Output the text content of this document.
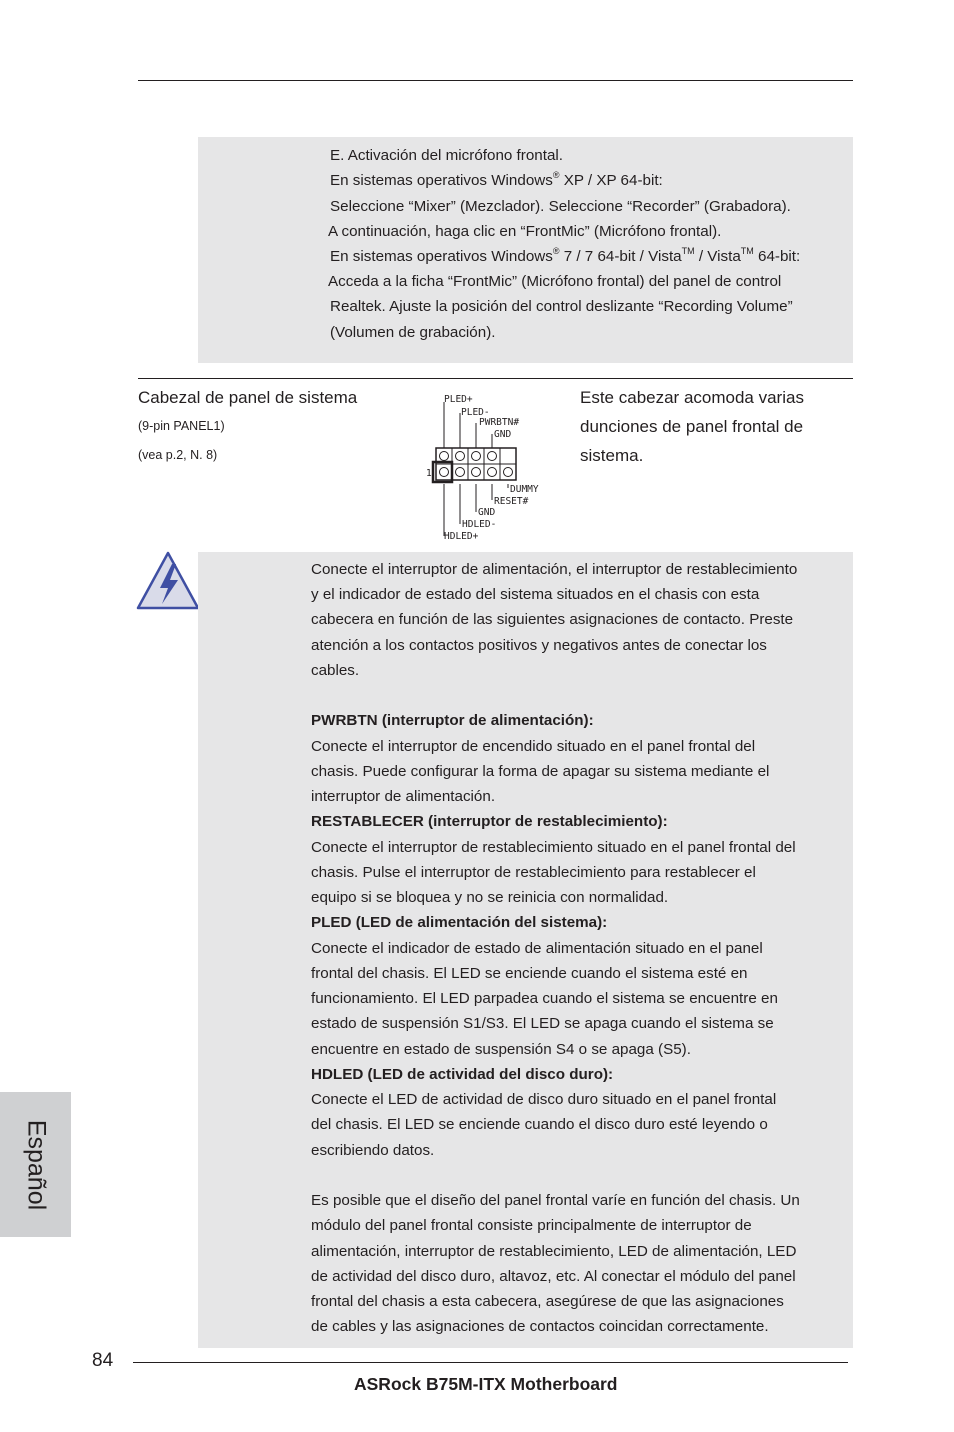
E. Activación del micrófono frontal.
En sistemas operativos Windows® XP / XP 64-bit:
Seleccione “Mixer” (Mezclador). Seleccione “Recorder” (Grabadora).
A continuación, haga clic en “FrontMic” (Micrófono frontal).
En sistemas operativos Windows® 7 / 7 64-bit / Vista™ / Vista™ 64-bit:
Acceda a la ficha “FrontMic” (Micrófono frontal) del panel de control
Realtek. Ajuste la posición del control deslizante “Recording Volume”
(Volumen de grabación).
Cabezal de panel de sistema
(9-pin PANEL1)
(vea p.2, N. 8)
Este cabezar acomoda varias
dunciones de panel frontal de
sistema.
1
PLED+
PLED-
PWRBTN#
GND
DUMMY
RESET#
GND
HDLED-
HDLED+
Conecte el interruptor de alimentación, el interruptor de restablecimiento
y el indicador de estado del sistema situados en el chasis con esta
cabecera en función de las siguientes asignaciones de contacto. Preste
atención a los contactos positivos y negativos antes de conectar los
cables.
PWRBTN (interruptor de alimentación):
Conecte el interruptor de encendido situado en el panel frontal del
chasis. Puede configurar la forma de apagar su sistema mediante el
interruptor de alimentación.
RESTABLECER (interruptor de restablecimiento):
Conecte el interruptor de restablecimiento situado en el panel frontal del
chasis. Pulse el interruptor de restablecimiento para restablecer el
equipo si se bloquea y no se reinicia con normalidad.
PLED (LED de alimentación del sistema):
Conecte el indicador de estado de alimentación situado en el panel
frontal del chasis. El LED se enciende cuando el sistema esté en
funcionamiento. El LED parpadea cuando el sistema se encuentre en
estado de suspensión S1/S3. El LED se apaga cuando el sistema se
encuentre en estado de suspensión S4 o se apaga (S5).
HDLED (LED de actividad del disco duro):
Conecte el LED de actividad de disco duro situado en el panel frontal
del chasis. El LED se enciende cuando el disco duro esté leyendo o
escribiendo datos.
Es posible que el diseño del panel frontal varíe en función del chasis. Un
módulo del panel frontal consiste principalmente de interruptor de
alimentación, interruptor de restablecimiento, LED de alimentación, LED
de actividad del disco duro, altavoz, etc. Al conectar el módulo del panel
frontal del chasis a esta cabecera, asegúrese de que las asignaciones
de cables y las asignaciones de contactos coincidan correctamente.
Español
84
ASRock B75M-ITX Motherboard
